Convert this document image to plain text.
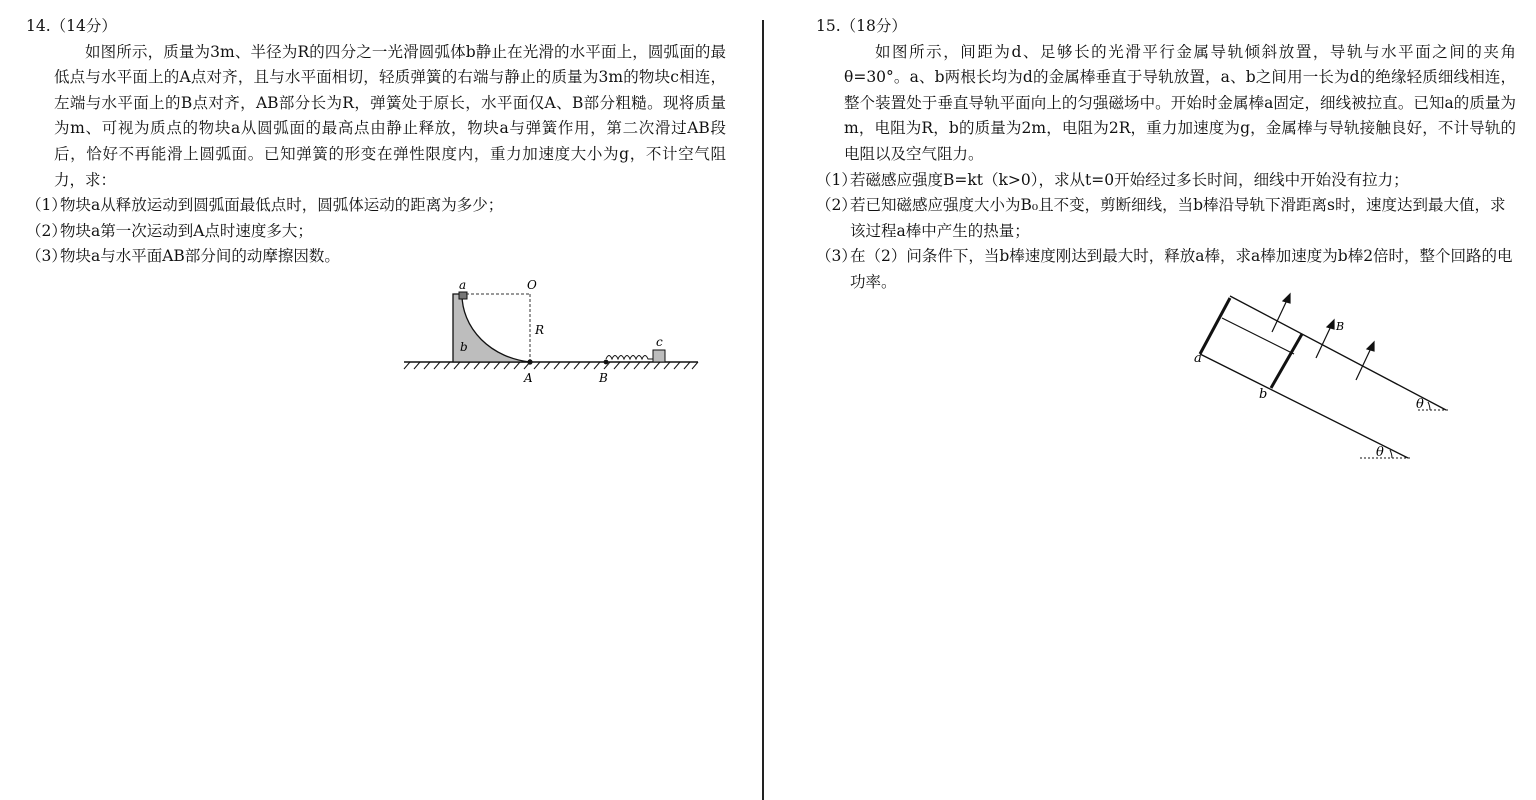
14.（14分）

如图所示，质量为3m、半径为R的四分之一光滑圆弧体b静止在光滑的水平面上，圆弧面的最低点与水平面上的A点对齐，且与水平面相切，轻质弹簧的右端与静止的质量为3m的物块c相连，左端与水平面上的B点对齐，AB部分长为R，弹簧处于原长，水平面仅A、B部分粗糙。现将质量为m、可视为质点的物块a从圆弧面的最高点由静止释放，物块a与弹簧作用，第二次滑过AB段后，恰好不再能滑上圆弧面。已知弹簧的形变在弹性限度内，重力加速度大小为g，不计空气阻力，求：

（1）物块a从释放运动到圆弧面最低点时，圆弧体运动的距离为多少；

（2）物块a第一次运动到A点时速度多大；

（3）物块a与水平面AB部分间的动摩擦因数。

a	O
R
b
A	B
c
15.（18分）

如图所示，间距为d、足够长的光滑平行金属导轨倾斜放置，导轨与水平面之间的夹角θ=30°。a、b两根长均为d的金属棒垂直于导轨放置，a、b之间用一长为d的绝缘轻质细线相连，整个装置处于垂直导轨平面向上的匀强磁场中。开始时金属棒a固定，细线被拉直。已知a的质量为m，电阻为R，b的质量为2m，电阻为2R，重力加速度为g，金属棒与导轨接触良好，不计导轨的电阻以及空气阻力。

（1）若磁感应强度B=kt（k>0），求从t=0开始经过多长时间，细线中开始没有拉力；

（2）若已知磁感应强度大小为B₀且不变，剪断细线，当b棒沿导轨下滑距离s时，速度达到最大值，求该过程a棒中产生的热量；

（3）在（2）问条件下，当b棒速度刚达到最大时，释放a棒，求a棒加速度为b棒2倍时，整个回路的电功率。

a
b
B
θ
θ
